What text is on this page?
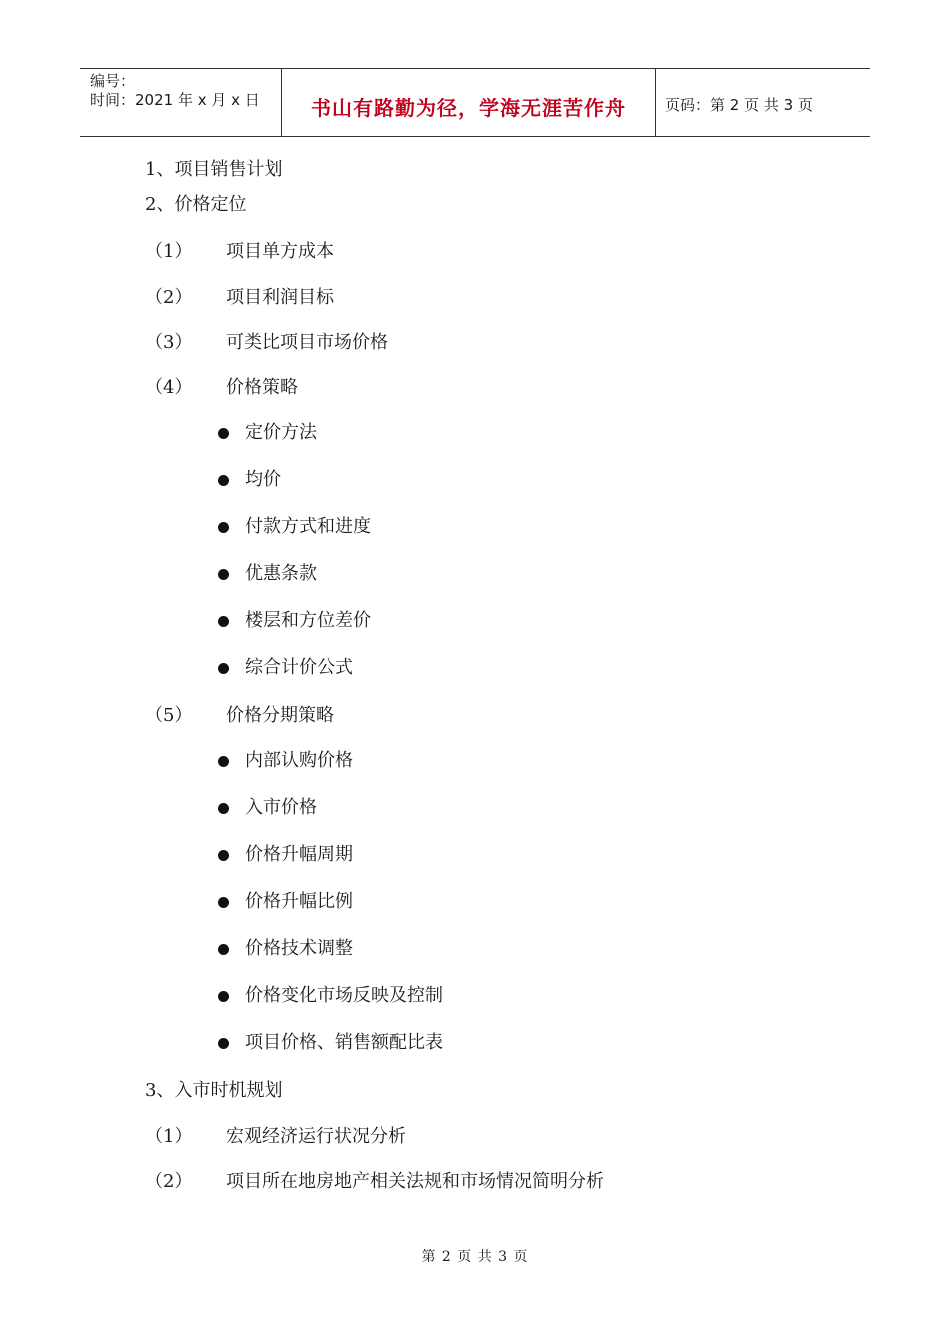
编号：
时间：2021 年 x 月 x 日	书山有路勤为径，学海无涯苦作舟	页码：第 2 页 共 3 页
1、项目销售计划
2、价格定位
（1） 项目单方成本
（2） 项目利润目标
（3） 可类比项目市场价格
（4） 价格策略
定价方法
均价
付款方式和进度
优惠条款
楼层和方位差价
综合计价公式
（5） 价格分期策略
内部认购价格
入市价格
价格升幅周期
价格升幅比例
价格技术调整
价格变化市场反映及控制
项目价格、销售额配比表
3、入市时机规划
（1） 宏观经济运行状况分析
（2） 项目所在地房地产相关法规和市场情况简明分析
第 2 页 共 3 页
